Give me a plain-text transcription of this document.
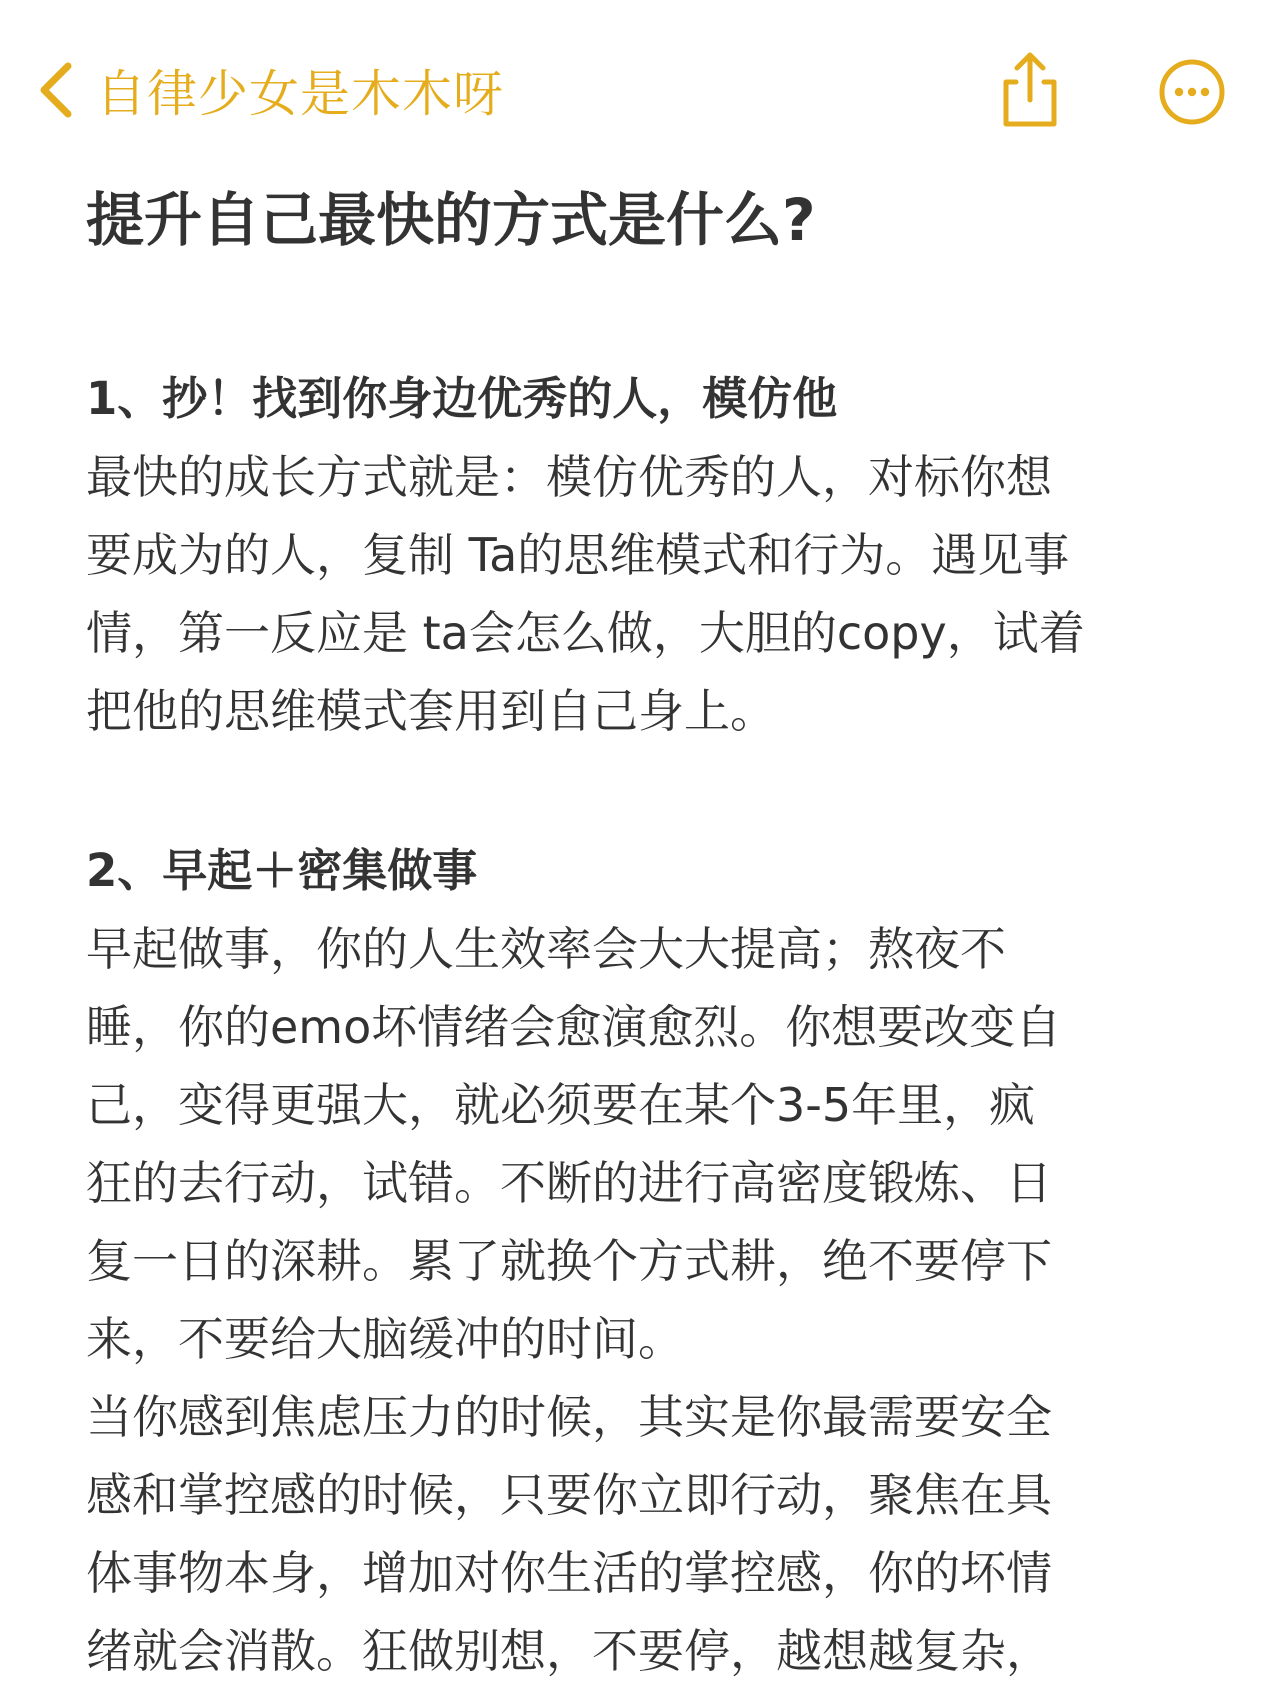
自律少女是木木呀
提升自己最快的方式是什么?
1、抄！找到你身边优秀的人，模仿他

最快的成长方式就是：模仿优秀的人，对标你想
要成为的人，复制 Ta的思维模式和行为。遇见事
情，第一反应是 ta会怎么做，大胆的copy，试着
把他的思维模式套用到自己身上。

2、早起＋密集做事

早起做事，你的人生效率会大大提高；熬夜不
睡，你的emo坏情绪会愈演愈烈。你想要改变自
己，变得更强大，就必须要在某个3-5年里，疯
狂的去行动，试错。不断的进行高密度锻炼、日
复一日的深耕。累了就换个方式耕，绝不要停下
来，不要给大脑缓冲的时间。

当你感到焦虑压力的时候，其实是你最需要安全
感和掌控感的时候，只要你立即行动，聚焦在具
体事物本身，增加对你生活的掌控感，你的坏情
绪就会消散。狂做别想，不要停，越想越复杂，
